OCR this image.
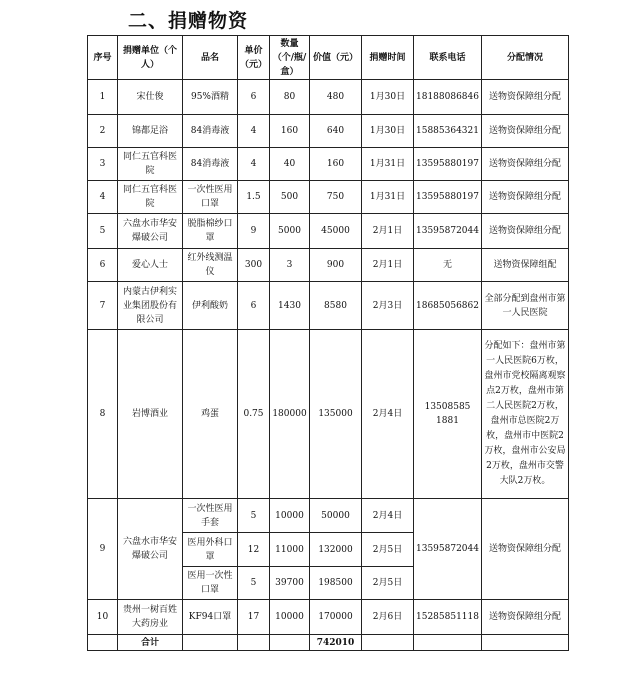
二、捐赠物资
序号	捐赠单位（个人）	品名	单价（元）	数量（个/瓶/盒）	价值（元）	捐赠时间	联系电话	分配情况
1	宋仕俊	95%酒精	6	80	480	1月30日	18188086846	送物资保障组分配
2	锦都足浴	84消毒液	4	160	640	1月30日	15885364321	送物资保障组分配
3	同仁五官科医院	84消毒液	4	40	160	1月31日	13595880197	送物资保障组分配
4	同仁五官科医院	一次性医用口罩	1.5	500	750	1月31日	13595880197	送物资保障组分配
5	六盘水市华安爆破公司	脱脂棉纱口罩	9	5000	45000	2月1日	13595872044	送物资保障组分配
6	爱心人士	红外线测温仪	300	3	900	2月1日	无	送物资保障组配
7	内蒙古伊利实业集团股份有限公司	伊利酸奶	6	1430	8580	2月3日	18685056862	全部分配到盘州市第一人民医院
8	岩博酒业	鸡蛋	0.75	180000	135000	2月4日	13508585 1881	分配如下：盘州市第一人民医院6万枚，盘州市党校隔离观察点2万枚，盘州市第二人民医院2万枚，盘州市总医院2万枚，盘州市中医院2万枚，盘州市公安局2万枚，盘州市交警大队2万枚。
9	六盘水市华安爆破公司	一次性医用手套	5	10000	50000	2月4日	13595872044	送物资保障组分配
		医用外科口罩	12	11000	132000	2月5日		
		医用一次性口罩	5	39700	198500	2月5日		
10	贵州一树百姓大药房业	KF94口罩	17	10000	170000	2月6日	15285851118	送物资保障组分配
	合计				742010			
